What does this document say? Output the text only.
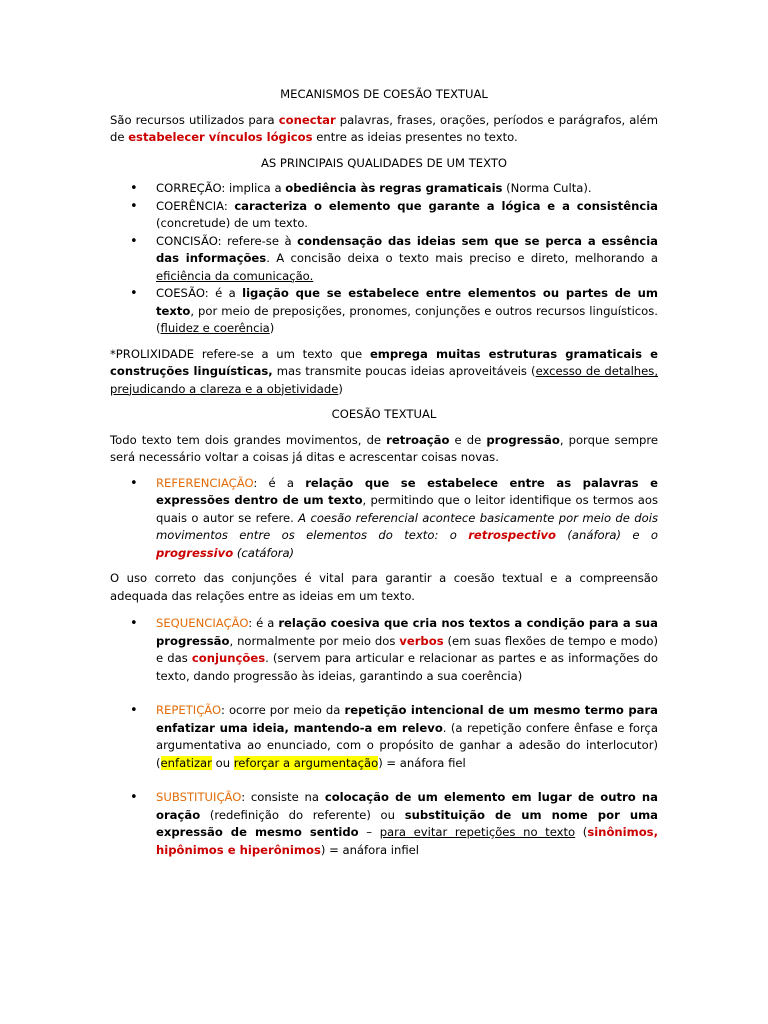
MECANISMOS DE COESÃO TEXTUAL

São recursos utilizados para conectar palavras, frases, orações, períodos e parágrafos, além de estabelecer vínculos lógicos entre as ideias presentes no texto.

AS PRINCIPAIS QUALIDADES DE UM TEXTO

• CORREÇÃO: implica a obediência às regras gramaticais (Norma Culta).
• COERÊNCIA: caracteriza o elemento que garante a lógica e a consistência (concretude) de um texto.
• CONCISÃO: refere-se à condensação das ideias sem que se perca a essência das informações. A concisão deixa o texto mais preciso e direto, melhorando a eficiência da comunicação.
• COESÃO: é a ligação que se estabelece entre elementos ou partes de um texto, por meio de preposições, pronomes, conjunções e outros recursos linguísticos. (fluidez e coerência)

*PROLIXIDADE refere-se a um texto que emprega muitas estruturas gramaticais e construções linguísticas, mas transmite poucas ideias aproveitáveis (excesso de detalhes, prejudicando a clareza e a objetividade)

COESÃO TEXTUAL

Todo texto tem dois grandes movimentos, de retroação e de progressão, porque sempre será necessário voltar a coisas já ditas e acrescentar coisas novas.

• REFERENCIAÇÃO: é a relação que se estabelece entre as palavras e expressões dentro de um texto, permitindo que o leitor identifique os termos aos quais o autor se refere. A coesão referencial acontece basicamente por meio de dois movimentos entre os elementos do texto: o retrospectivo (anáfora) e o progressivo (catáfora)

O uso correto das conjunções é vital para garantir a coesão textual e a compreensão adequada das relações entre as ideias em um texto.

• SEQUENCIAÇÃO: é a relação coesiva que cria nos textos a condição para a sua progressão, normalmente por meio dos verbos (em suas flexões de tempo e modo) e das conjunções. (servem para articular e relacionar as partes e as informações do texto, dando progressão às ideias, garantindo a sua coerência)
• REPETIÇÃO: ocorre por meio da repetição intencional de um mesmo termo para enfatizar uma ideia, mantendo-a em relevo. (a repetição confere ênfase e força argumentativa ao enunciado, com o propósito de ganhar a adesão do interlocutor) (enfatizar ou reforçar a argumentação) = anáfora fiel
• SUBSTITUIÇÃO: consiste na colocação de um elemento em lugar de outro na oração (redefinição do referente) ou substituição de um nome por uma expressão de mesmo sentido – para evitar repetições no texto (sinônimos, hipônimos e hiperônimos) = anáfora infiel
